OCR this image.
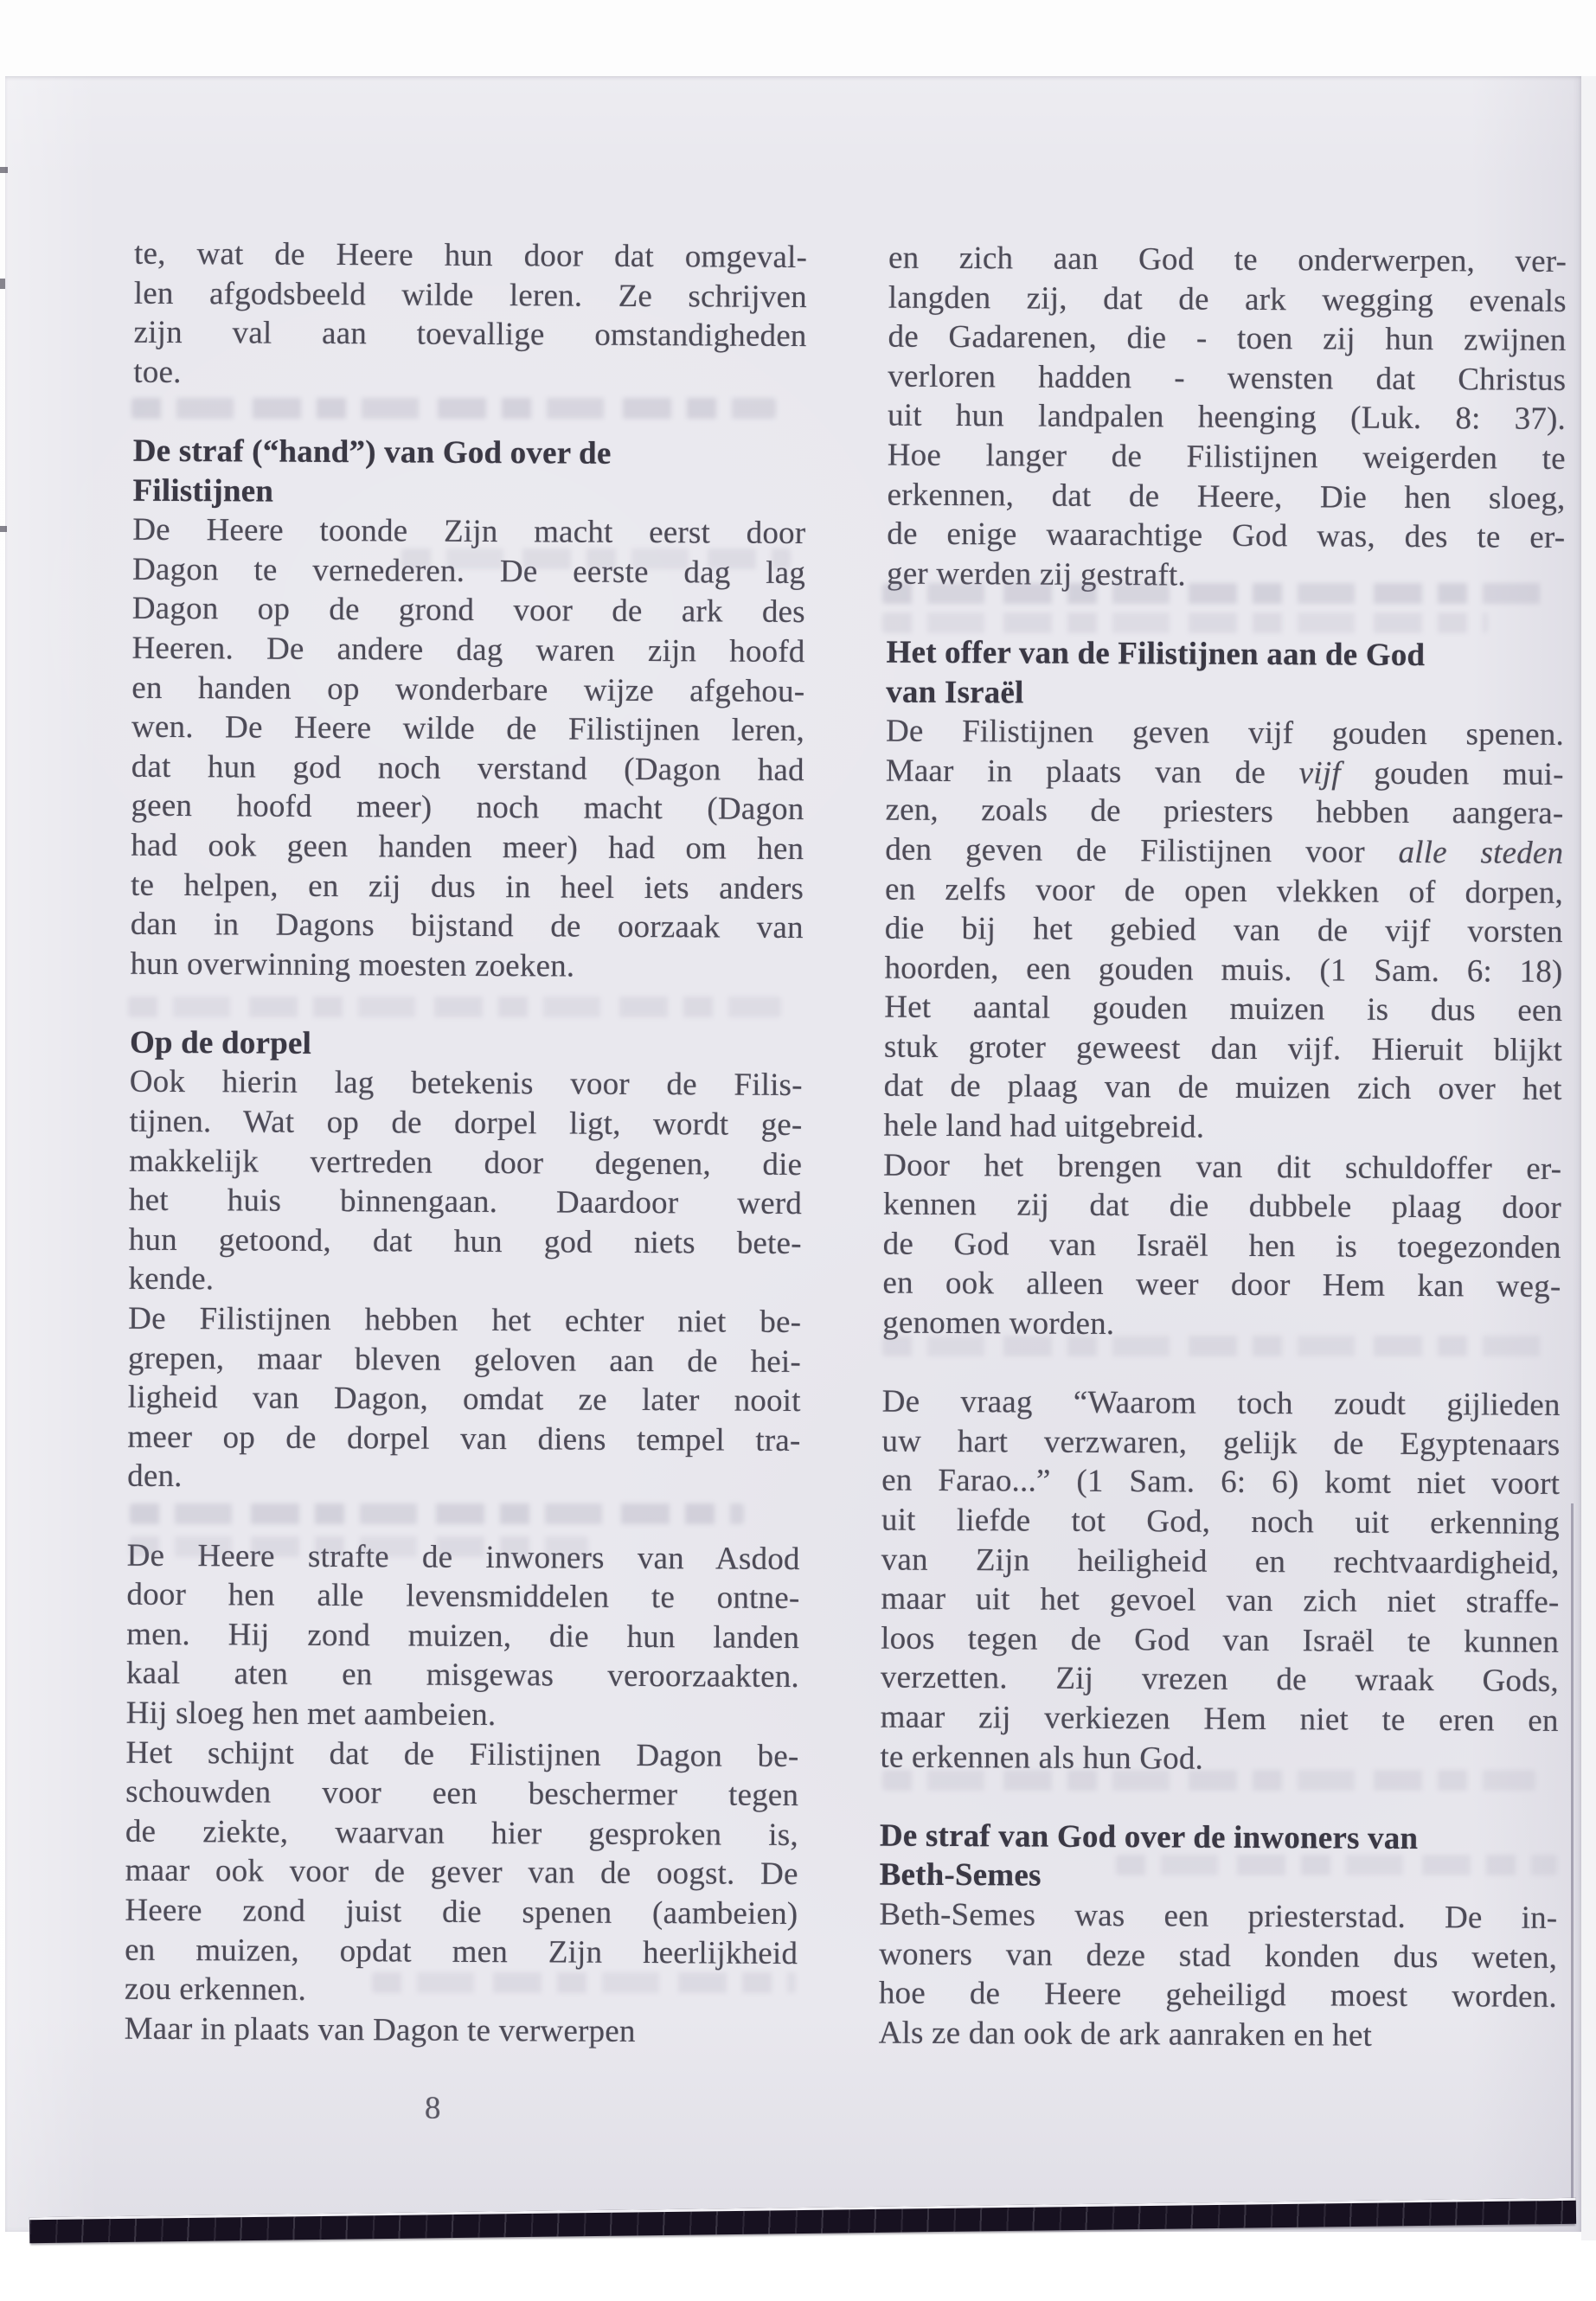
te, wat de Heere hun door dat omgeval-
len afgodsbeeld wilde leren. Ze schrijven
zijn val aan toevallige omstandigheden
toe.
De straf (“hand”) van God over de
Filistijnen
De Heere toonde Zijn macht eerst door
Dagon te vernederen. De eerste dag lag
Dagon op de grond voor de ark des
Heeren. De andere dag waren zijn hoofd
en handen op wonderbare wijze afgehou-
wen. De Heere wilde de Filistijnen leren,
dat hun god noch verstand (Dagon had
geen hoofd meer) noch macht (Dagon
had ook geen handen meer) had om hen
te helpen, en zij dus in heel iets anders
dan in Dagons bijstand de oorzaak van
hun overwinning moesten zoeken.
Op de dorpel
Ook hierin lag betekenis voor de Filis-
tijnen. Wat op de dorpel ligt, wordt ge-
makkelijk vertreden door degenen, die
het huis binnengaan. Daardoor werd
hun getoond, dat hun god niets bete-
kende.
De Filistijnen hebben het echter niet be-
grepen, maar bleven geloven aan de hei-
ligheid van Dagon, omdat ze later nooit
meer op de dorpel van diens tempel tra-
den.
De Heere strafte de inwoners van Asdod
door hen alle levensmiddelen te ontne-
men. Hij zond muizen, die hun landen
kaal aten en misgewas veroorzaakten.
Hij sloeg hen met aambeien.
Het schijnt dat de Filistijnen Dagon be-
schouwden voor een beschermer tegen
de ziekte, waarvan hier gesproken is,
maar ook voor de gever van de oogst. De
Heere zond juist die spenen (aambeien)
en muizen, opdat men Zijn heerlijkheid
zou erkennen.
Maar in plaats van Dagon te verwerpen
en zich aan God te onderwerpen, ver-
langden zij, dat de ark wegging evenals
de Gadarenen, die - toen zij hun zwijnen
verloren hadden - wensten dat Christus
uit hun landpalen heenging (Luk. 8: 37).
Hoe langer de Filistijnen weigerden te
erkennen, dat de Heere, Die hen sloeg,
de enige waarachtige God was, des te er-
ger werden zij gestraft.
Het offer van de Filistijnen aan de God
van Israël
De Filistijnen geven vijf gouden spenen.
Maar in plaats van de vijf gouden mui-
zen, zoals de priesters hebben aangera-
den geven de Filistijnen voor alle steden
en zelfs voor de open vlekken of dorpen,
die bij het gebied van de vijf vorsten
hoorden, een gouden muis. (1 Sam. 6: 18)
Het aantal gouden muizen is dus een
stuk groter geweest dan vijf. Hieruit blijkt
dat de plaag van de muizen zich over het
hele land had uitgebreid.
Door het brengen van dit schuldoffer er-
kennen zij dat die dubbele plaag door
de God van Israël hen is toegezonden
en ook alleen weer door Hem kan weg-
genomen worden.
De vraag “Waarom toch zoudt gijlieden
uw hart verzwaren, gelijk de Egyptenaars
en Farao...” (1 Sam. 6: 6) komt niet voort
uit liefde tot God, noch uit erkenning
van Zijn heiligheid en rechtvaardigheid,
maar uit het gevoel van zich niet straffe-
loos tegen de God van Israël te kunnen
verzetten. Zij vrezen de wraak Gods,
maar zij verkiezen Hem niet te eren en
te erkennen als hun God.
De straf van God over de inwoners van
Beth-Semes
Beth-Semes was een priesterstad. De in-
woners van deze stad konden dus weten,
hoe de Heere geheiligd moest worden.
Als ze dan ook de ark aanraken en het
8
